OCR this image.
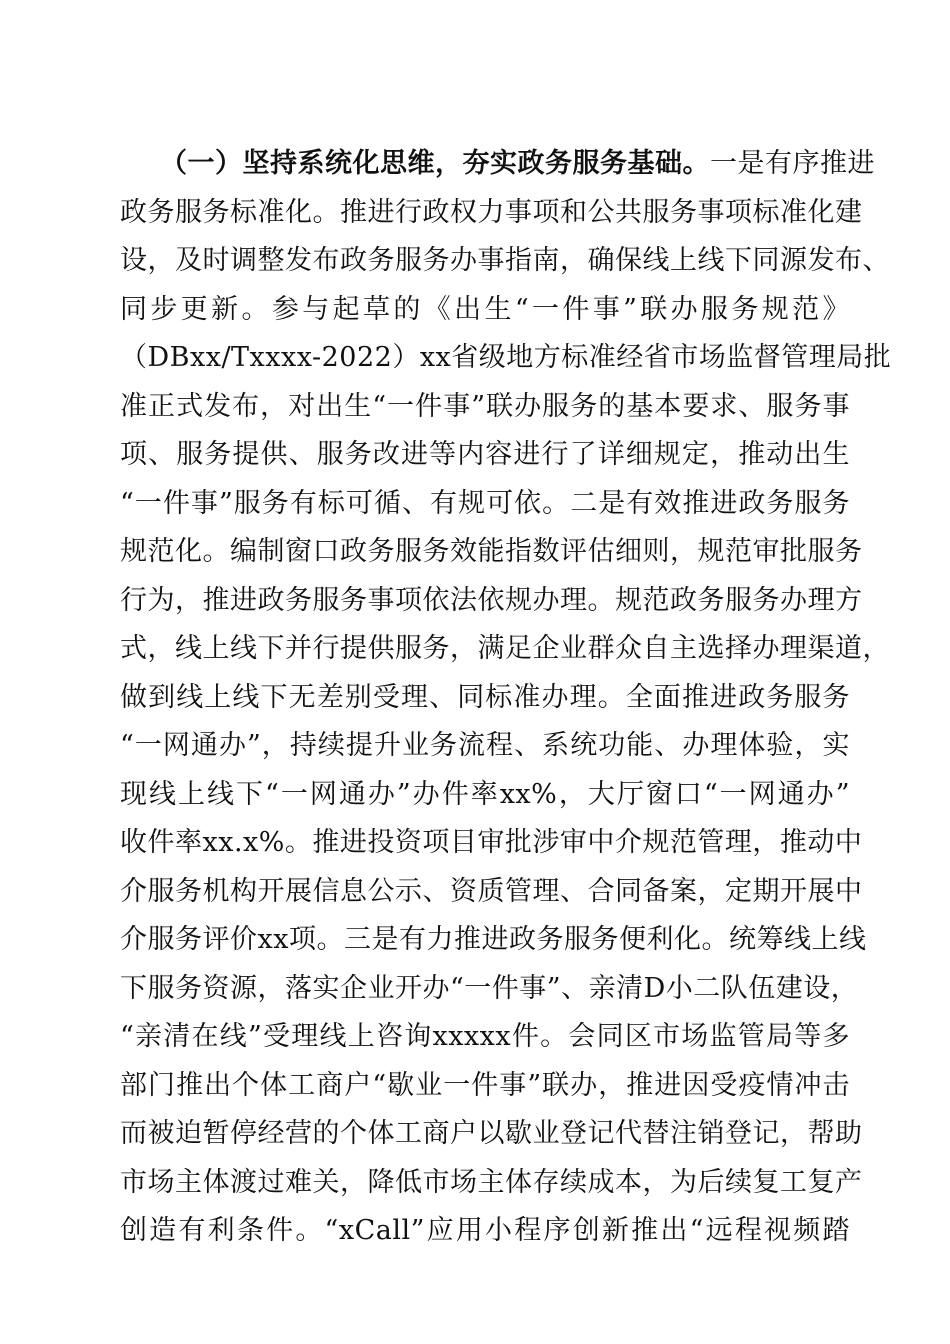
（一）坚持系统化思维，夯实政务服务基础。一是有序推进
政务服务标准化。推进行政权力事项和公共服务事项标准化建
设，及时调整发布政务服务办事指南，确保线上线下同源发布、
同步更新。参与起草的《出生“一件事”联办服务规范》
（DBxx/Txxxx-2022）xx省级地方标准经省市场监督管理局批
准正式发布，对出生“一件事”联办服务的基本要求、服务事
项、服务提供、服务改进等内容进行了详细规定，推动出生
“一件事”服务有标可循、有规可依。二是有效推进政务服务
规范化。编制窗口政务服务效能指数评估细则，规范审批服务
行为，推进政务服务事项依法依规办理。规范政务服务办理方
式，线上线下并行提供服务，满足企业群众自主选择办理渠道，
做到线上线下无差别受理、同标准办理。全面推进政务服务
“一网通办”，持续提升业务流程、系统功能、办理体验，实
现线上线下“一网通办”办件率xx%，大厅窗口“一网通办”
收件率xx.x%。推进投资项目审批涉审中介规范管理，推动中
介服务机构开展信息公示、资质管理、合同备案，定期开展中
介服务评价xx项。三是有力推进政务服务便利化。统筹线上线
下服务资源，落实企业开办“一件事”、亲清D小二队伍建设，
“亲清在线”受理线上咨询xxxxx件。会同区市场监管局等多
部门推出个体工商户“歇业一件事”联办，推进因受疫情冲击
而被迫暂停经营的个体工商户以歇业登记代替注销登记，帮助
市场主体渡过难关，降低市场主体存续成本，为后续复工复产
创造有利条件。“xCall”应用小程序创新推出“远程视频踏
